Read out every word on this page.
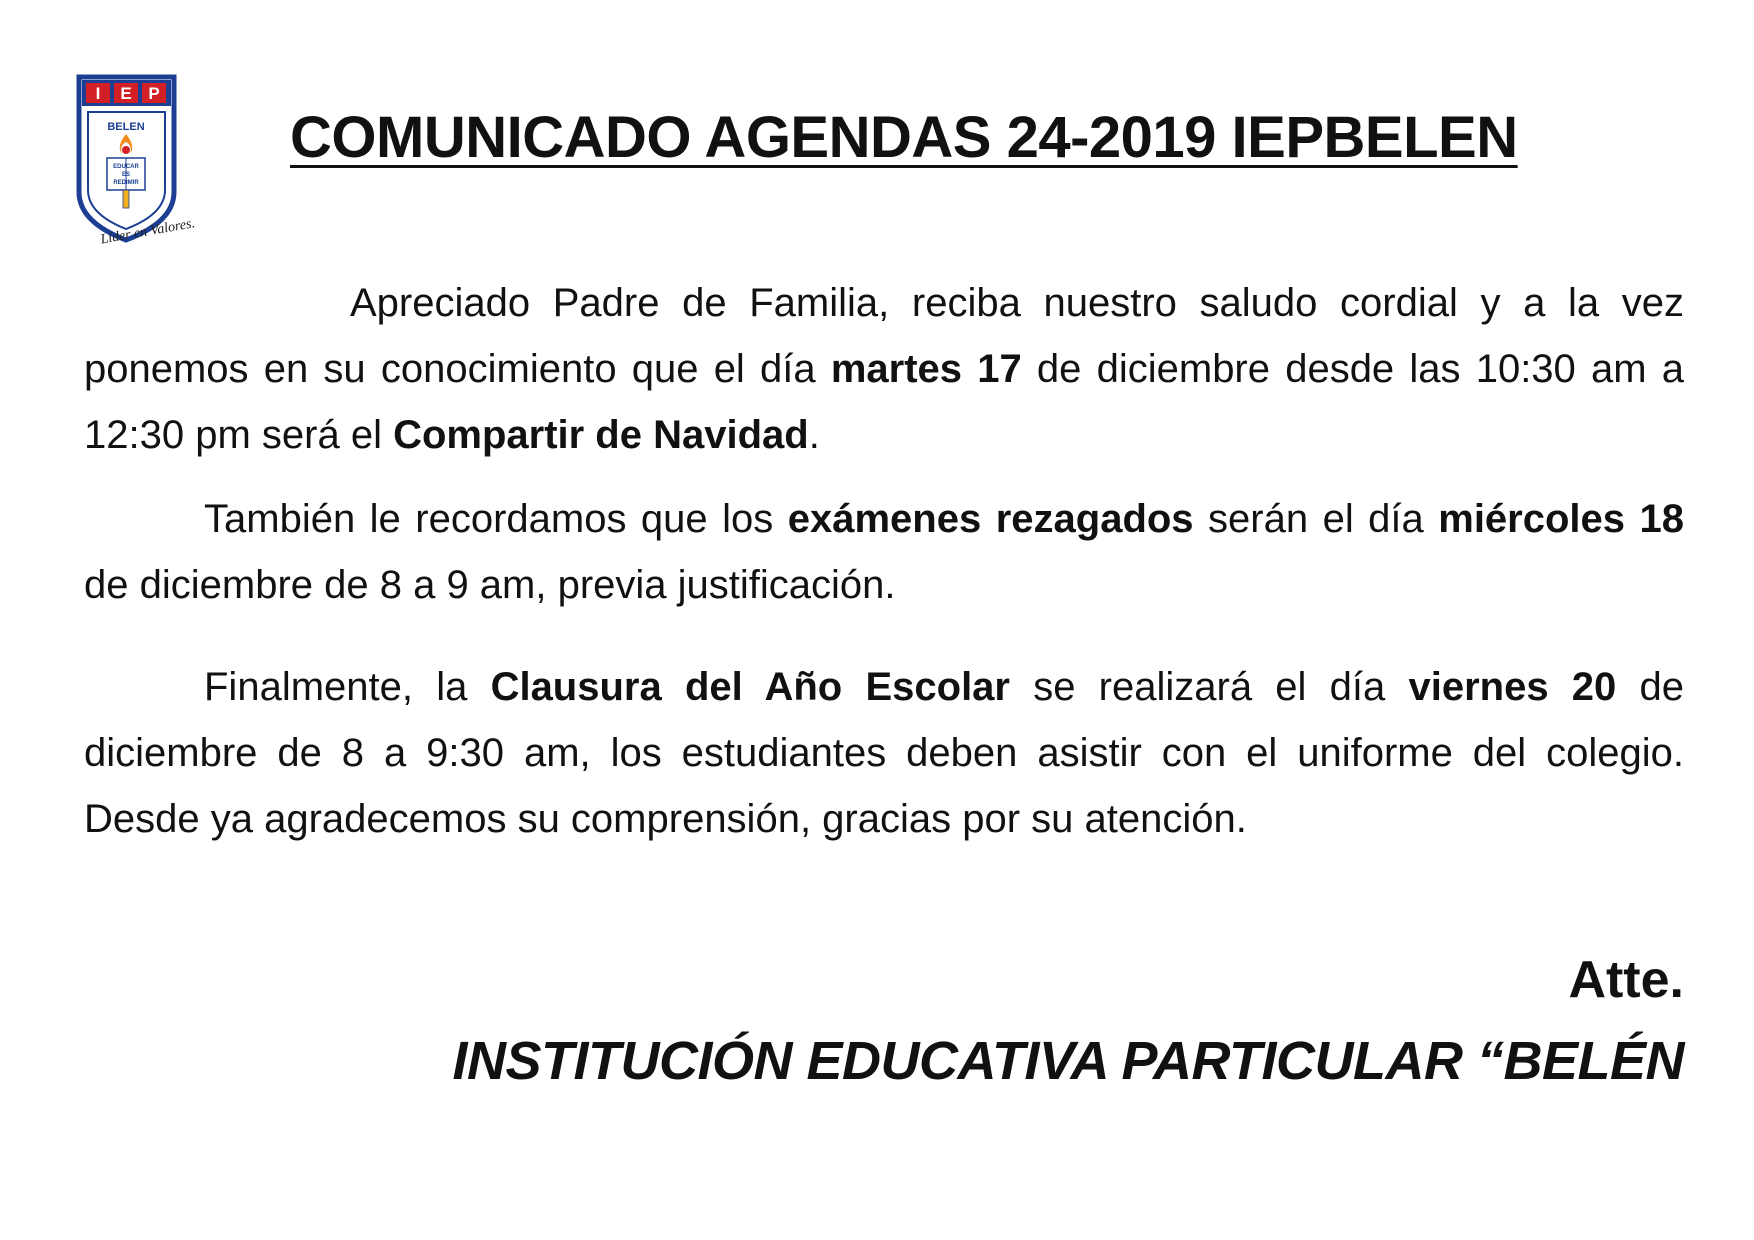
I E P
BELEN
EDUCAR
ES
REDIMIR
Líder en Valores.
COMUNICADO AGENDAS 24-2019 IEPBELEN

Apreciado Padre de Familia, reciba nuestro saludo cordial y a la vez ponemos en su conocimiento que el día martes 17 de diciembre desde las 10:30 am a 12:30 pm será el Compartir de Navidad.

También le recordamos que los exámenes rezagados serán el día miércoles 18 de diciembre de 8 a 9 am, previa justificación.

Finalmente, la Clausura del Año Escolar se realizará el día viernes 20 de diciembre de 8 a 9:30 am, los estudiantes deben asistir con el uniforme del colegio. Desde ya agradecemos su comprensión, gracias por su atención.

Atte.
INSTITUCIÓN EDUCATIVA PARTICULAR “BELÉN
